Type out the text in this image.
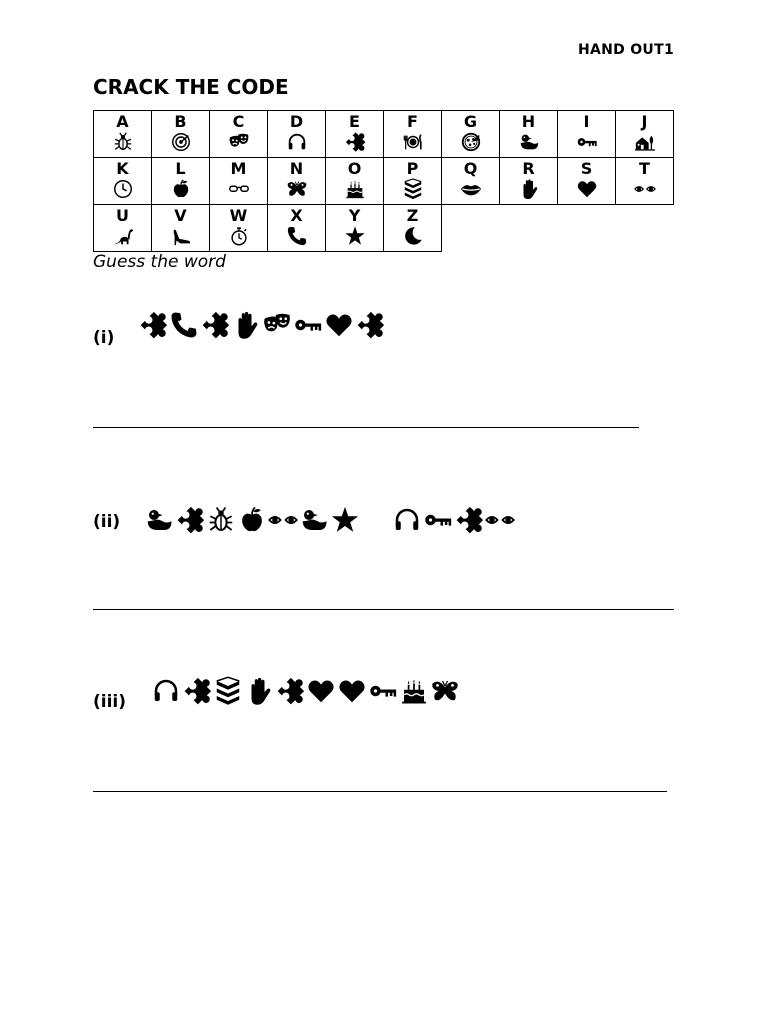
HAND OUT1
CRACK THE CODE
A	B	C	D	E	F	G	H	I	J

K	L	M	N	O	P	Q	R	S	T

U	V	W	X	Y	Z				

Guess the word
(i)
(ii)
(iii)
